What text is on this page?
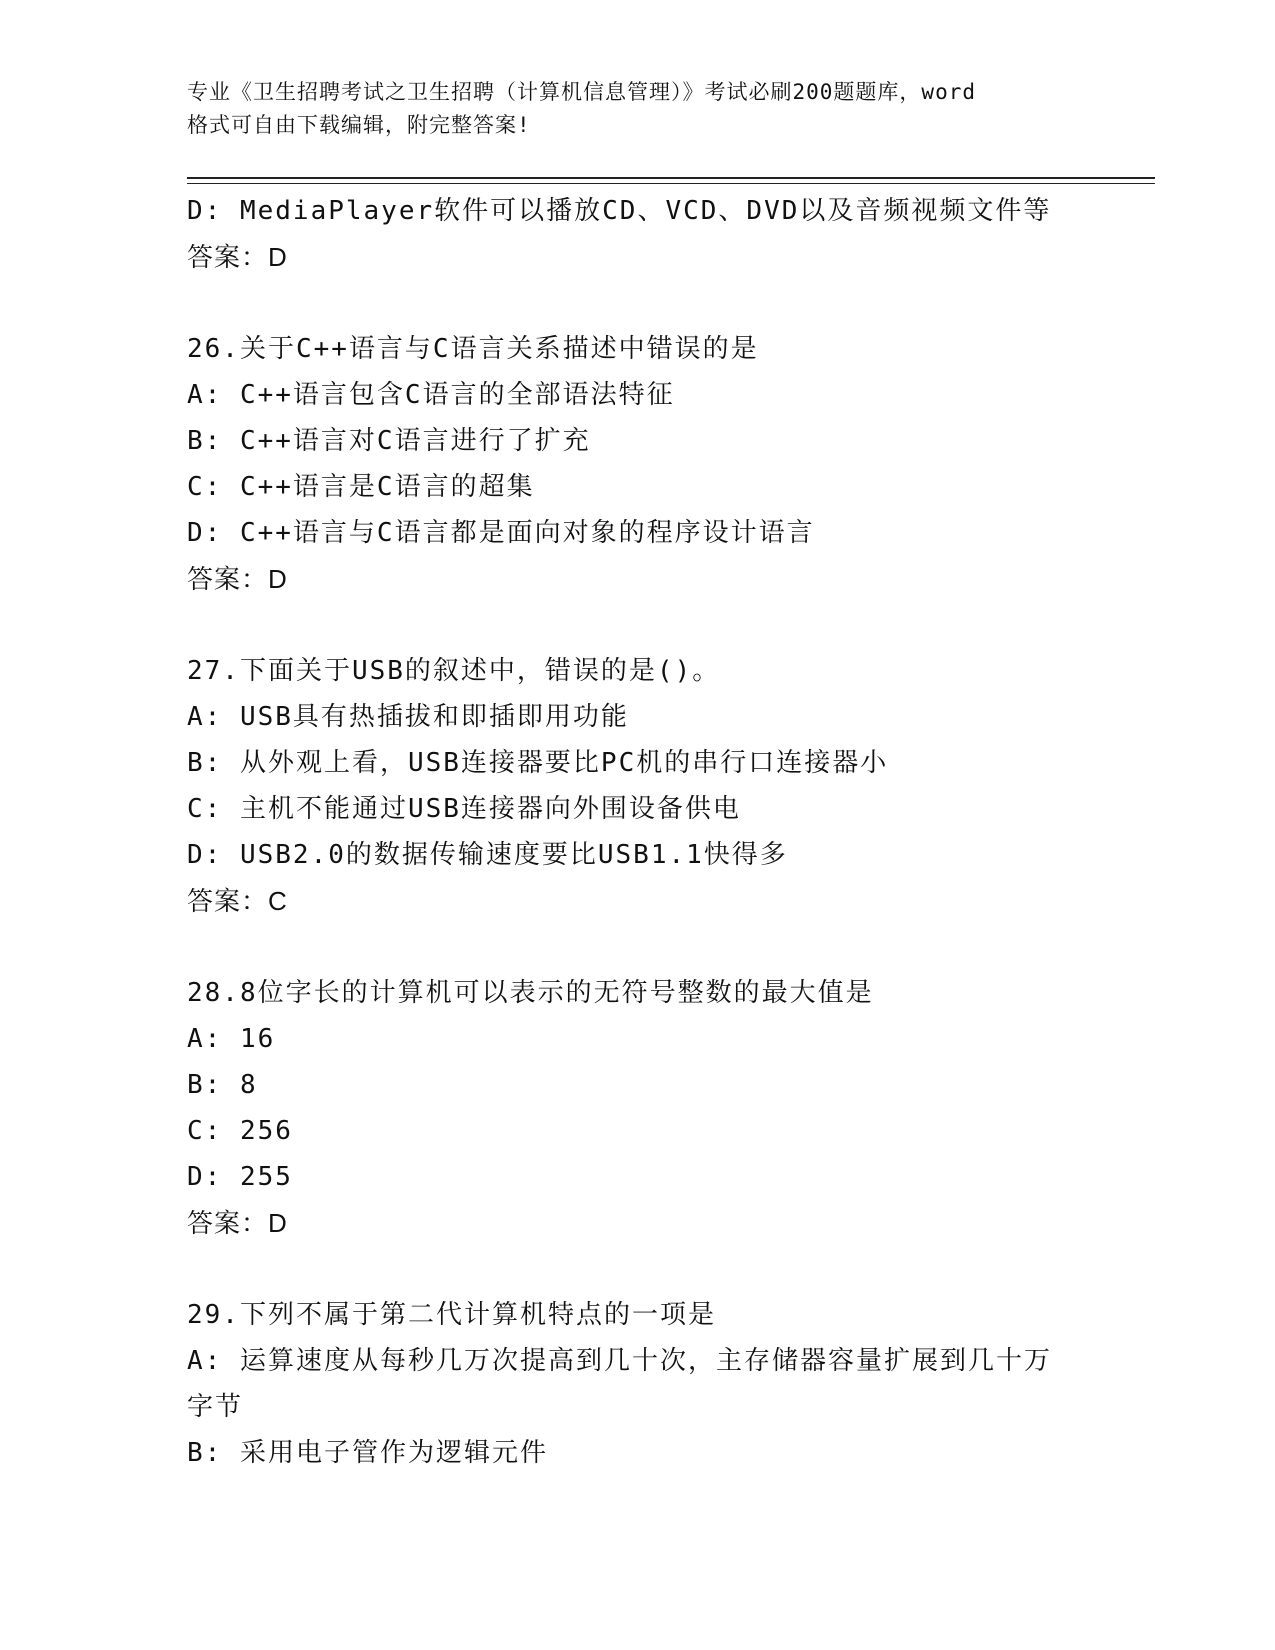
专业《卫生招聘考试之卫生招聘（计算机信息管理）》考试必刷200题题库，word
格式可自由下载编辑，附完整答案!
D: MediaPlayer软件可以播放CD、VCD、DVD以及音频视频文件等
答案：D
26.关于C++语言与C语言关系描述中错误的是
A: C++语言包含C语言的全部语法特征
B: C++语言对C语言进行了扩充
C: C++语言是C语言的超集
D: C++语言与C语言都是面向对象的程序设计语言
答案：D
27.下面关于USB的叙述中，错误的是()。
A: USB具有热插拔和即插即用功能
B: 从外观上看，USB连接器要比PC机的串行口连接器小
C: 主机不能通过USB连接器向外围设备供电
D: USB2.0的数据传输速度要比USB1.1快得多
答案：C
28.8位字长的计算机可以表示的无符号整数的最大值是
A: 16
B: 8
C: 256
D: 255
答案：D
29.下列不属于第二代计算机特点的一项是
A: 运算速度从每秒几万次提高到几十次，主存储器容量扩展到几十万
字节
B: 采用电子管作为逻辑元件
